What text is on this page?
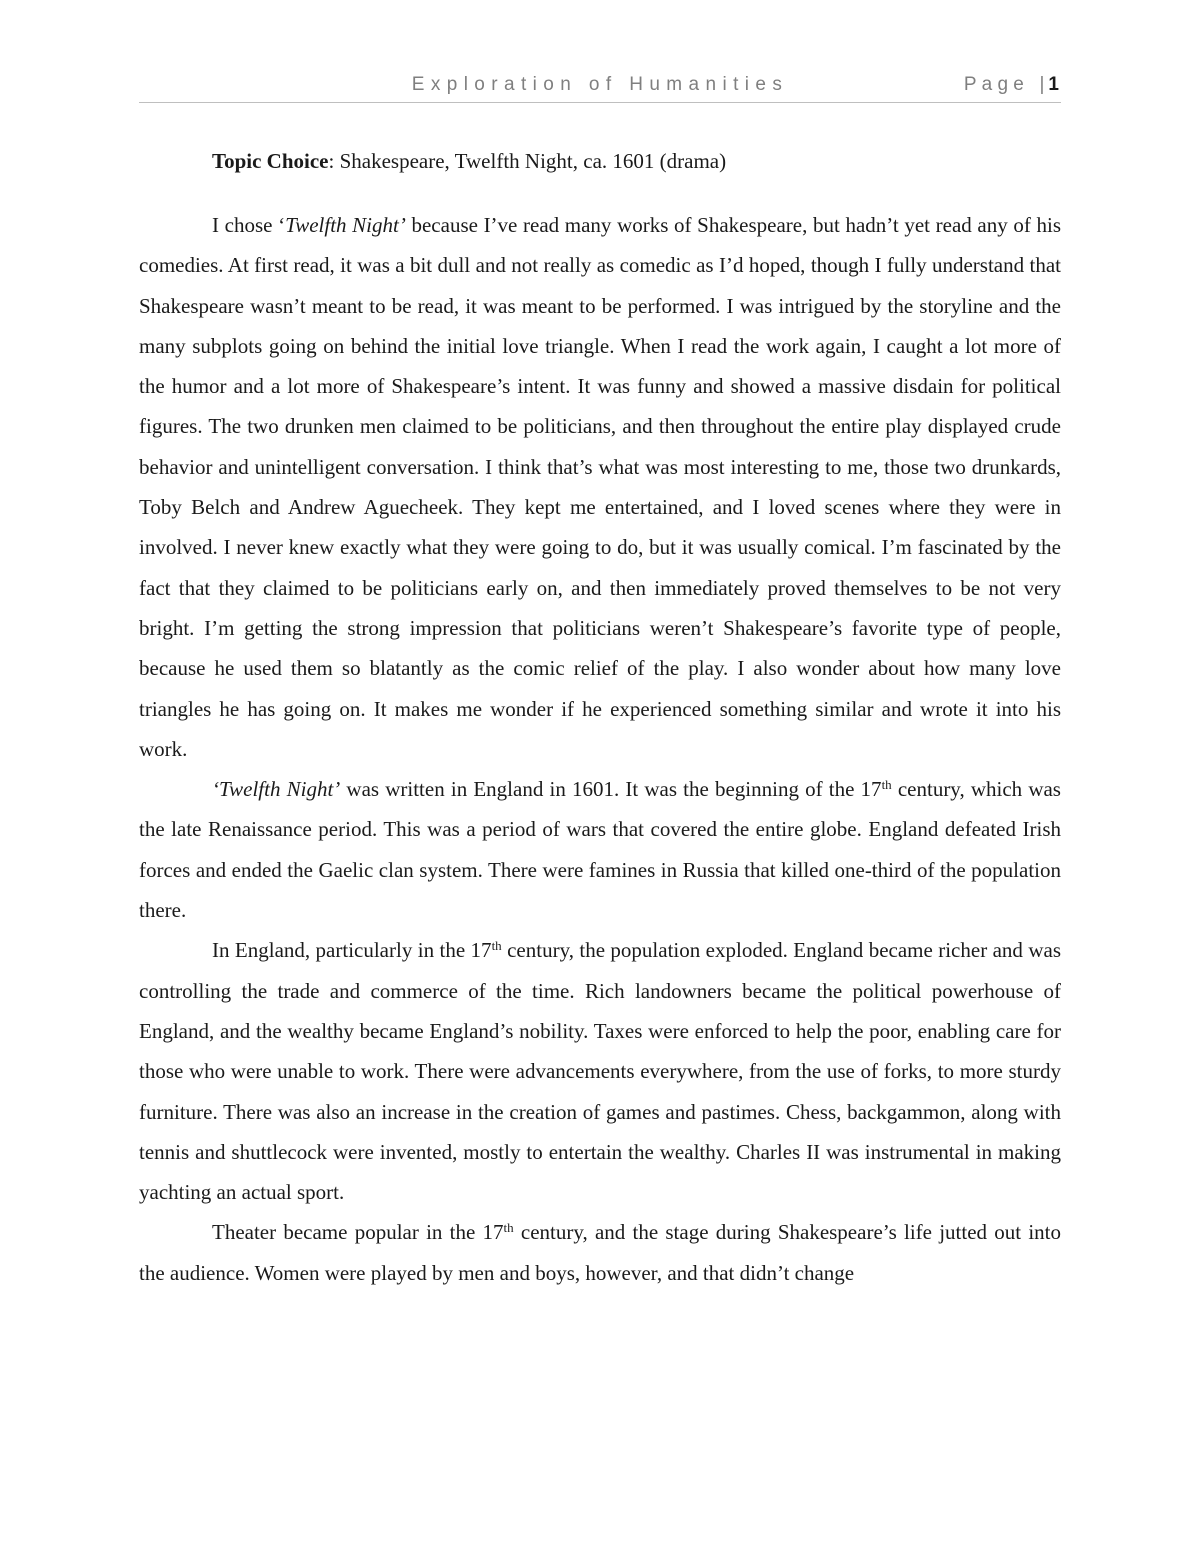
Exploration of Humanities	Page |1

Topic Choice: Shakespeare, Twelfth Night, ca. 1601 (drama)

I chose ‘Twelfth Night’ because I’ve read many works of Shakespeare, but hadn’t yet read any of his comedies. At first read, it was a bit dull and not really as comedic as I’d hoped, though I fully understand that Shakespeare wasn’t meant to be read, it was meant to be performed. I was intrigued by the storyline and the many subplots going on behind the initial love triangle. When I read the work again, I caught a lot more of the humor and a lot more of Shakespeare’s intent. It was funny and showed a massive disdain for political figures. The two drunken men claimed to be politicians, and then throughout the entire play displayed crude behavior and unintelligent conversation. I think that’s what was most interesting to me, those two drunkards, Toby Belch and Andrew Aguecheek. They kept me entertained, and I loved scenes where they were in involved. I never knew exactly what they were going to do, but it was usually comical. I’m fascinated by the fact that they claimed to be politicians early on, and then immediately proved themselves to be not very bright. I’m getting the strong impression that politicians weren’t Shakespeare’s favorite type of people, because he used them so blatantly as the comic relief of the play. I also wonder about how many love triangles he has going on. It makes me wonder if he experienced something similar and wrote it into his work.

‘Twelfth Night’ was written in England in 1601. It was the beginning of the 17th century, which was the late Renaissance period. This was a period of wars that covered the entire globe. England defeated Irish forces and ended the Gaelic clan system. There were famines in Russia that killed one-third of the population there.

In England, particularly in the 17th century, the population exploded. England became richer and was controlling the trade and commerce of the time. Rich landowners became the political powerhouse of England, and the wealthy became England’s nobility. Taxes were enforced to help the poor, enabling care for those who were unable to work. There were advancements everywhere, from the use of forks, to more sturdy furniture. There was also an increase in the creation of games and pastimes. Chess, backgammon, along with tennis and shuttlecock were invented, mostly to entertain the wealthy. Charles II was instrumental in making yachting an actual sport.

Theater became popular in the 17th century, and the stage during Shakespeare’s life jutted out into the audience. Women were played by men and boys, however, and that didn’t change
